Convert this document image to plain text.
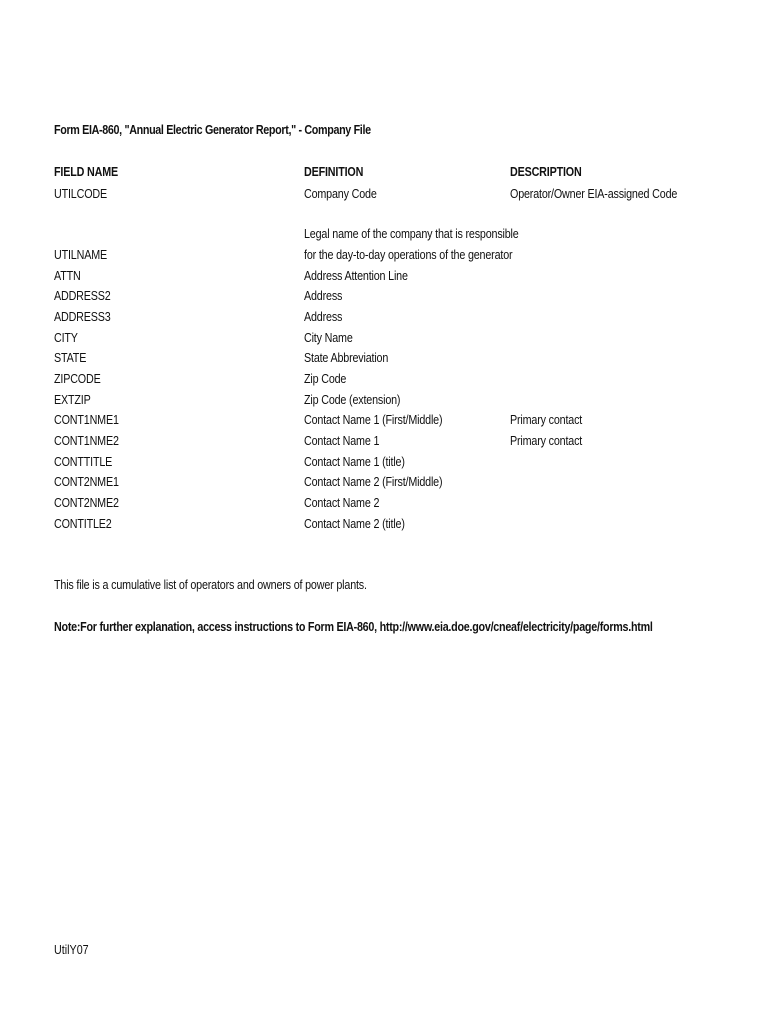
Form EIA-860, "Annual Electric Generator Report," - Company File
FIELD NAME	DEFINITION	DESCRIPTION
UTILCODE	Company Code	Operator/Owner EIA-assigned Code
Legal name of the company that is responsible
UTILNAME	for the day-to-day operations of the generator
ATTN	Address Attention Line
ADDRESS2	Address
ADDRESS3	Address
CITY	City Name
STATE	State Abbreviation
ZIPCODE	Zip Code
EXTZIP	Zip Code (extension)
CONT1NME1	Contact Name 1 (First/Middle)	Primary contact
CONT1NME2	Contact Name 1	Primary contact
CONTTITLE	Contact Name 1 (title)
CONT2NME1	Contact Name 2 (First/Middle)
CONT2NME2	Contact Name 2
CONTITLE2	Contact Name 2 (title)
This file is a cumulative list of operators and owners of power plants.
Note:For further explanation, access instructions to Form EIA-860, http://www.eia.doe.gov/cneaf/electricity/page/forms.html
UtilY07
